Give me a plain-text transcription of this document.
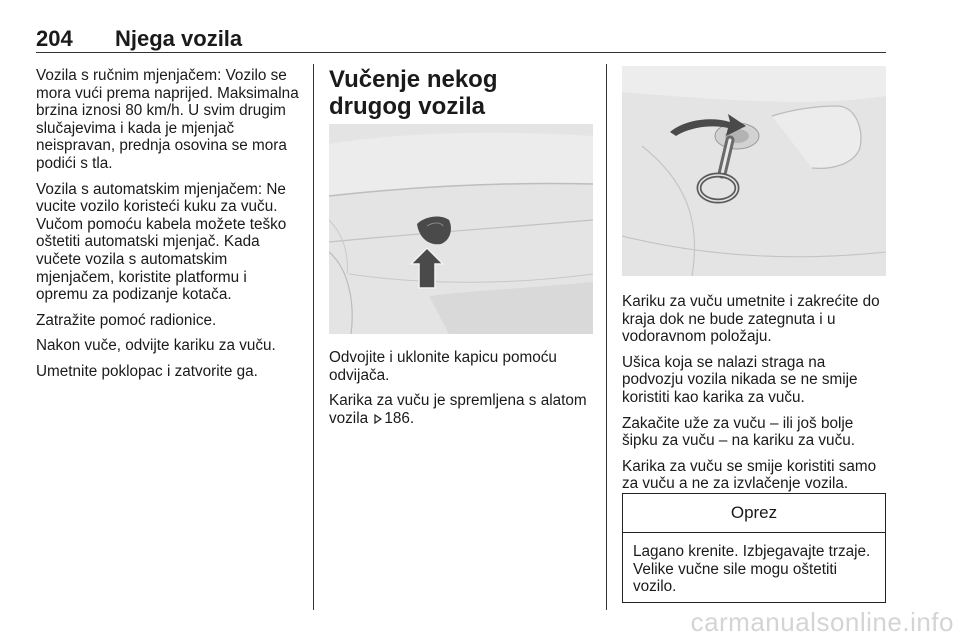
204 Njega vozila

Vozila s ručnim mjenjačem: Vozilo se mora vući prema naprijed. Maksimalna brzina iznosi 80 km/h. U svim drugim slučajevima i kada je mjenjač neispravan, prednja osovina se mora podići s tla.

Vozila s automatskim mjenjačem: Ne vucite vozilo koristeći kuku za vuču. Vučom pomoću kabela možete teško oštetiti automatski mjenjač. Kada vučete vozila s automatskim mjenjačem, koristite platformu i opremu za podizanje kotača.

Zatražite pomoć radionice.

Nakon vuče, odvijte kariku za vuču.

Umetnite poklopac i zatvorite ga.

Vučenje nekog drugog vozila

Odvojite i uklonite kapicu pomoću odvijača.

Karika za vuču je spremljena s alatom vozila 186.

Kariku za vuču umetnite i zakrećite do kraja dok ne bude zategnuta i u vodoravnom položaju.

Ušica koja se nalazi straga na podvozju vozila nikada se ne smije koristiti kao karika za vuču.

Zakačite uže za vuču – ili još bolje šipku za vuču – na kariku za vuču.

Karika za vuču se smije koristiti samo za vuču a ne za izvlačenje vozila.

Oprez
Lagano krenite. Izbjegavajte trzaje. Velike vučne sile mogu oštetiti vozilo.
carmanualsonline.info
